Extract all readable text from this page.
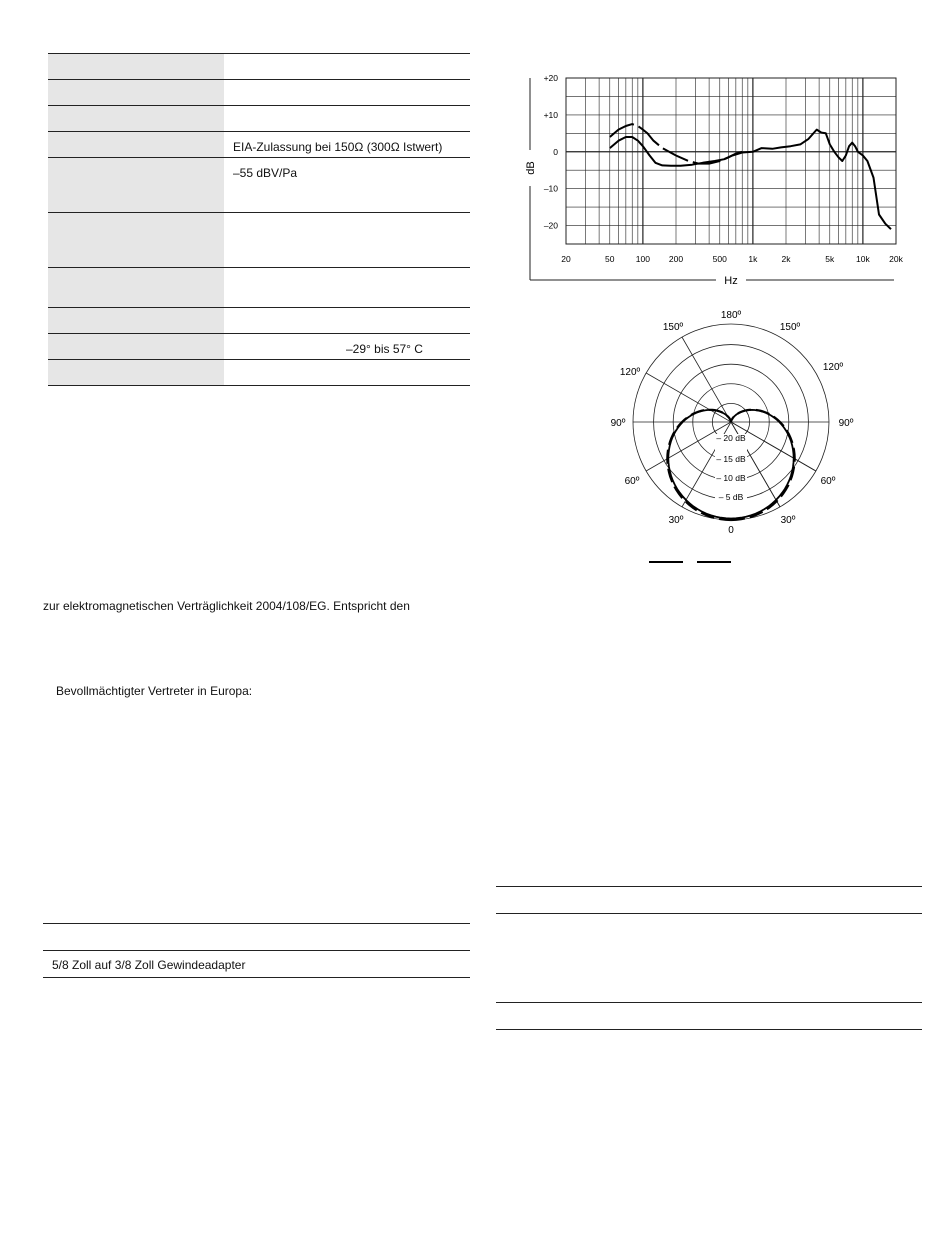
EIA-Zulassung bei 150Ω (300Ω Istwert)
–55 dBV/Pa
–29° bis 57° C
zur elektromagnetischen Verträglichkeit 2004/108/EG. Entspricht den
Bevollmächtigter Vertreter in Europa:
5/8 Zoll auf 3/8 Zoll Gewindeadapter
20	50	100 200	500	1k	2k	5k	10k 20k
+20
+10
0
–10
–20
Hz
dB
180º
150º	150º
120º	120º
90º	90º
60º	60º
30º	30º
0
– 20 dB
– 15 dB
– 10 dB
– 5 dB
